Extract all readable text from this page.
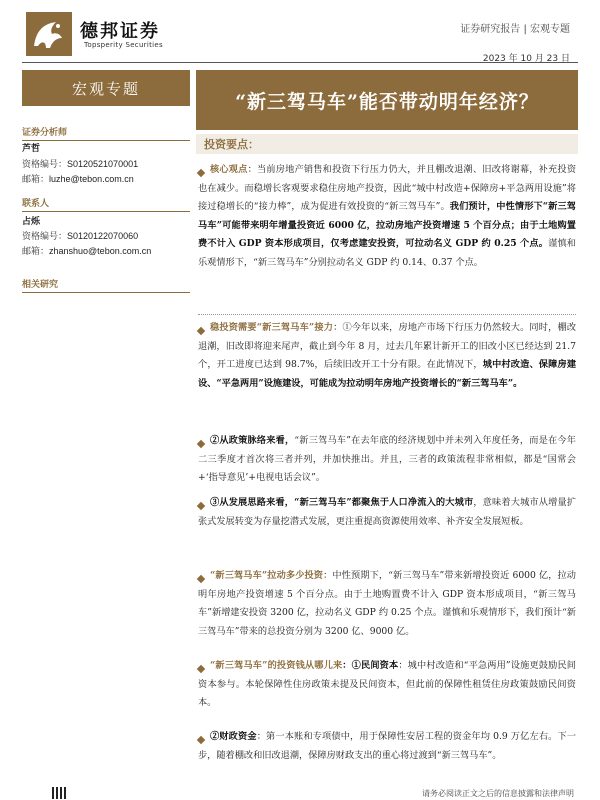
德邦证券
Topsperity Securities
证券研究报告 | 宏观专题
2023 年 10 月 23 日
宏观专题
证券分析师
芦哲
资格编号：S0120521070001
邮箱：luzhe@tebon.com.cn
联系人
占烁
资格编号：S0120122070060
邮箱：zhanshuo@tebon.com.cn
相关研究
“新三驾马车”能否带动明年经济？
投资要点：
核心观点：当前房地产销售和投资下行压力仍大，并且棚改退潮、旧改将谢幕，补充投资也在减少。而稳增长客观要求稳住房地产投资，因此“城中村改造+保障房+平急两用设施”将接过稳增长的“接力棒”，成为促进有效投资的“新三驾马车”。我们预计，中性情形下“新三驾马车”可能带来明年增量投资近 6000 亿，拉动房地产投资增速 5 个百分点；由于土地购置费不计入 GDP 资本形成项目，仅考虑建安投资，可拉动名义 GDP 约 0.25 个点。谨慎和乐观情形下，“新三驾马车”分别拉动名义 GDP 约 0.14、0.37 个点。
稳投资需要“新三驾马车”接力：①今年以来，房地产市场下行压力仍然较大。同时，棚改退潮，旧改即将迎来尾声，截止到今年 8 月，过去几年累计新开工的旧改小区已经达到 21.7 个，开工进度已达到 98.7%，后续旧改开工十分有限。在此情况下，城中村改造、保障房建设、“平急两用”设施建设，可能成为拉动明年房地产投资增长的“新三驾马车”。
②从政策脉络来看，“新三驾马车”在去年底的经济规划中并未列入年度任务，而是在今年二三季度才首次将三者并列，并加快推出。并且，三者的政策流程非常相似，都是“国常会+‘指导意见’+电视电话会议”。
③从发展思路来看，“新三驾马车”都聚焦于人口净流入的大城市，意味着大城市从增量扩张式发展转变为存量挖潜式发展，更注重提高资源使用效率、补齐安全发展短板。
“新三驾马车”拉动多少投资：中性预期下，“新三驾马车”带来新增投资近 6000 亿，拉动明年房地产投资增速 5 个百分点。由于土地购置费不计入 GDP 资本形成项目，“新三驾马车”新增建安投资 3200 亿，拉动名义 GDP 约 0.25 个点。谨慎和乐观情形下，我们预计“新三驾马车”带来的总投资分别为 3200 亿、9000 亿。
“新三驾马车”的投资钱从哪儿来：①民间资本：城中村改造和“平急两用”设施更鼓励民间资本参与。本轮保障性住房政策未提及民间资本，但此前的保障性租赁住房政策鼓励民间资本。
②财政资金：第一本账和专项债中，用于保障性安居工程的资金年均 0.9 万亿左右。下一步，随着棚改和旧改退潮，保障房财政支出的重心将过渡到“新三驾马车”。
请务必阅读正文之后的信息披露和法律声明
